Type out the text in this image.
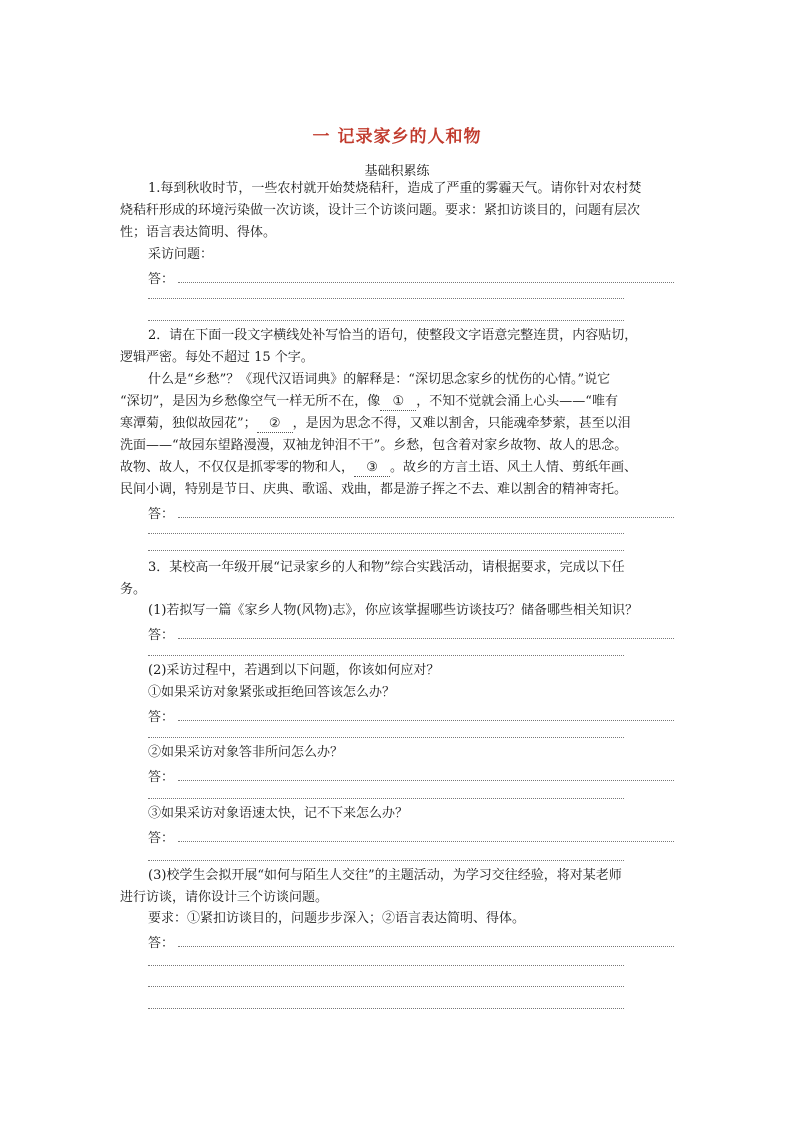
一 记录家乡的人和物
基础积累练
1.每到秋收时节，一些农村就开始焚烧秸秆，造成了严重的雾霾天气。请你针对农村焚
烧秸秆形成的环境污染做一次访谈，设计三个访谈问题。要求：紧扣访谈目的，问题有层次
性；语言表达简明、得体。
采访问题：
答：
2．请在下面一段文字横线处补写恰当的语句，使整段文字语意完整连贯，内容贴切，
逻辑严密。每处不超过 15 个字。
什么是“乡愁”？《现代汉语词典》的解释是：“深切思念家乡的忧伤的心情。”说它
“深切”，是因为乡愁像空气一样无所不在，像 ① ，不知不觉就会涌上心头——“唯有
寒潭菊，独似故园花”； ② ，是因为思念不得，又难以割舍，只能魂牵梦萦，甚至以泪
洗面——“故园东望路漫漫，双袖龙钟泪不干”。乡愁，包含着对家乡故物、故人的思念。
故物、故人，不仅仅是抓零零的物和人， ③ 。故乡的方言土语、风土人情、剪纸年画、
民间小调，特别是节日、庆典、歌谣、戏曲，都是游子挥之不去、难以割舍的精神寄托。
答：
3．某校高一年级开展“记录家乡的人和物”综合实践活动，请根据要求，完成以下任
务。
(1)若拟写一篇《家乡人物(风物)志》，你应该掌握哪些访谈技巧？储备哪些相关知识？
答：
(2)采访过程中，若遇到以下问题，你该如何应对？
①如果采访对象紧张或拒绝回答该怎么办？
答：
②如果采访对象答非所问怎么办？
答：
③如果采访对象语速太快，记不下来怎么办？
答：
(3)校学生会拟开展“如何与陌生人交往”的主题活动，为学习交往经验，将对某老师
进行访谈，请你设计三个访谈问题。
要求：①紧扣访谈目的，问题步步深入；②语言表达简明、得体。
答：
